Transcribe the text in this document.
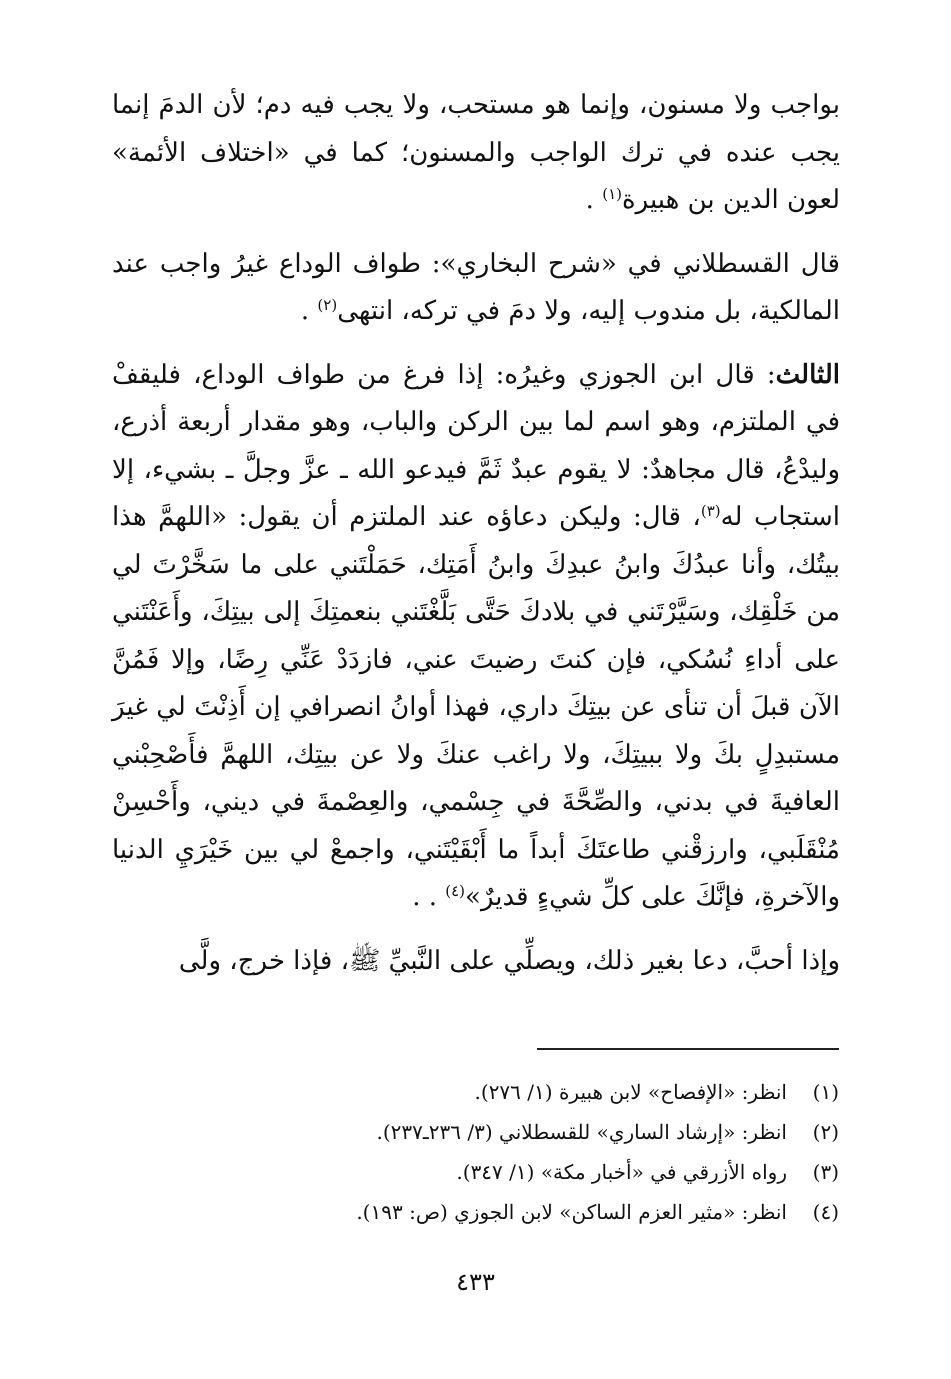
بواجب ولا مسنون، وإنما هو مستحب، ولا يجب فيه دم؛ لأن الدمَ إنما يجب عنده في ترك الواجب والمسنون؛ كما في «اختلاف الأئمة» لعون الدين بن هبيرة$^{(١)}$ .

قال القسطلاني في «شرح البخاري»: طواف الوداع غيرُ واجب عند المالكية، بل مندوب إليه، ولا دمَ في تركه، انتهى$^{(٢)}$ .

الثالث: قال ابن الجوزي وغيرُه: إذا فرغ من طواف الوداع، فليقفْ في الملتزم، وهو اسم لما بين الركن والباب، وهو مقدار أربعة أذرع، وليدْعُ، قال مجاهدٌ: لا يقوم عبدٌ ثَمَّ فيدعو الله ـ عزَّ وجلَّ ـ بشيء، إلا استجاب له$^{(٣)}$، قال: وليكن دعاؤه عند الملتزم أن يقول: «اللهمَّ هذا بيتُك، وأنا عبدُكَ وابنُ عبدِكَ وابنُ أَمَتِك، حَمَلْتَني على ما سَخَّرْتَ لي من خَلْقِك، وسَيَّرْتَني في بلادكَ حَتَّى بَلَّغْتَني بنعمتِكَ إلى بيتِكَ، وأَعَنْتَني على أداءِ نُسُكي، فإن كنتَ رضيتَ عني، فازدَدْ عَنِّي رِضًا، وإلا فَمُنَّ الآن قبلَ أن تنأى عن بيتِكَ داري، فهذا أوانُ انصرافي إن أَذِنْتَ لي غيرَ مستبدِلٍ بكَ ولا ببيتِكَ، ولا راغب عنكَ ولا عن بيتِك، اللهمَّ فأَصْحِبْني العافيةَ في بدني، والصِّحَّةَ في جِسْمي، والعِصْمةَ في ديني، وأَحْسِنْ مُنْقَلَبي، وارزقْني طاعتَكَ أبداً ما أَبْقَيْتَني، واجمعْ لي بين خَيْرَيِ الدنيا والآخرةِ، فإنَّكَ على كلِّ شيءٍ قديرٌ»$^{(٤)}$ . .

وإذا أحبَّ، دعا بغير ذلك، ويصلِّي على النَّبيِّ ﷺ، فإذا خرج، ولَّى

(١)
انظر: «الإفصاح» لابن هبيرة (١/ ٢٧٦).
(٢)
انظر: «إرشاد الساري» للقسطلاني (٣/ ٢٣٦ـ٢٣٧).
(٣)
رواه الأزرقي في «أخبار مكة» (١/ ٣٤٧).
(٤)
انظر: «مثير العزم الساكن» لابن الجوزي (ص: ١٩٣).
٤٣٣
